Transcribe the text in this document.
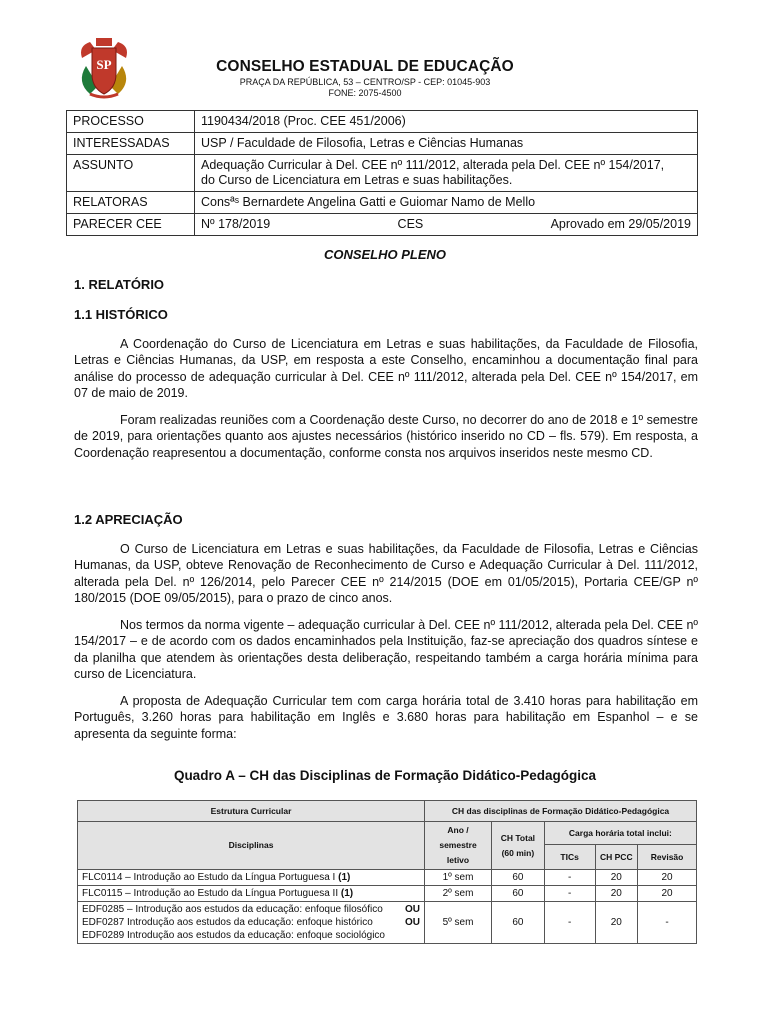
SP	CONSELHO ESTADUAL DE EDUCAÇÃO
PRAÇA DA REPÚBLICA, 53 – CENTRO/SP - CEP: 01045-903
FONE: 2075-4500
PROCESSO	1190434/2018 (Proc. CEE 451/2006)
INTERESSADAS	USP / Faculdade de Filosofia, Letras e Ciências Humanas
ASSUNTO	Adequação Curricular à Del. CEE nº 111/2012, alterada pela Del. CEE nº 154/2017,
do Curso de Licenciatura em Letras e suas habilitações.

RELATORAS	Consªˢ Bernardete Angelina Gatti e Guiomar Namo de Mello
PARECER CEE	Nº 178/2019 CES Aprovado em 29/05/2019
CONSELHO PLENO
1. RELATÓRIO
1.1 HISTÓRICO

A Coordenação do Curso de Licenciatura em Letras e suas habilitações, da Faculdade de Filosofia, Letras e Ciências Humanas, da USP, em resposta a este Conselho, encaminhou a documentação final para análise do processo de adequação curricular à Del. CEE nº 111/2012, alterada pela Del. CEE nº 154/2017, em 07 de maio de 2019.

Foram realizadas reuniões com a Coordenação deste Curso, no decorrer do ano de 2018 e 1º semestre de 2019, para orientações quanto aos ajustes necessários (histórico inserido no CD – fls. 579). Em resposta, a Coordenação reapresentou a documentação, conforme consta nos arquivos inseridos neste mesmo CD.

1.2 APRECIAÇÃO

O Curso de Licenciatura em Letras e suas habilitações, da Faculdade de Filosofia, Letras e Ciências Humanas, da USP, obteve Renovação de Reconhecimento de Curso e Adequação Curricular à Del. 111/2012, alterada pela Del. nº 126/2014, pelo Parecer CEE nº 214/2015 (DOE em 01/05/2015), Portaria CEE/GP nº 180/2015 (DOE 09/05/2015), para o prazo de cinco anos.

Nos termos da norma vigente – adequação curricular à Del. CEE nº 111/2012, alterada pela Del. CEE nº 154/2017 – e de acordo com os dados encaminhados pela Instituição, faz-se apreciação dos quadros síntese e da planilha que atendem às orientações desta deliberação, respeitando também a carga horária mínima para curso de Licenciatura.

A proposta de Adequação Curricular tem com carga horária total de 3.410 horas para habilitação em Português, 3.260 horas para habilitação em Inglês e 3.680 horas para habilitação em Espanhol – e se apresenta da seguinte forma:

Quadro A – CH das Disciplinas de Formação Didático-Pedagógica
Estrutura Curricular	CH das disciplinas de Formação Didático-Pedagógica				
Disciplinas	Ano / semestre letivo	CH Total (60 min)	Carga horária total inclui:		
			TICs	CH PCC	Revisão
FLC0114 – Introdução ao Estudo da Língua Portuguesa I (1)	1º sem	60	-	20	20
FLC0115 – Introdução ao Estudo da Língua Portuguesa II (1)	2º sem	60	-	20	20

EDF0285 – Introdução aos estudos da educação: enfoque filosófico OU
EDF0287 Introdução aos estudos da educação: enfoque histórico OU
EDF0289 Introdução aos estudos da educação: enfoque sociológico	5º sem	60	-	20	-
